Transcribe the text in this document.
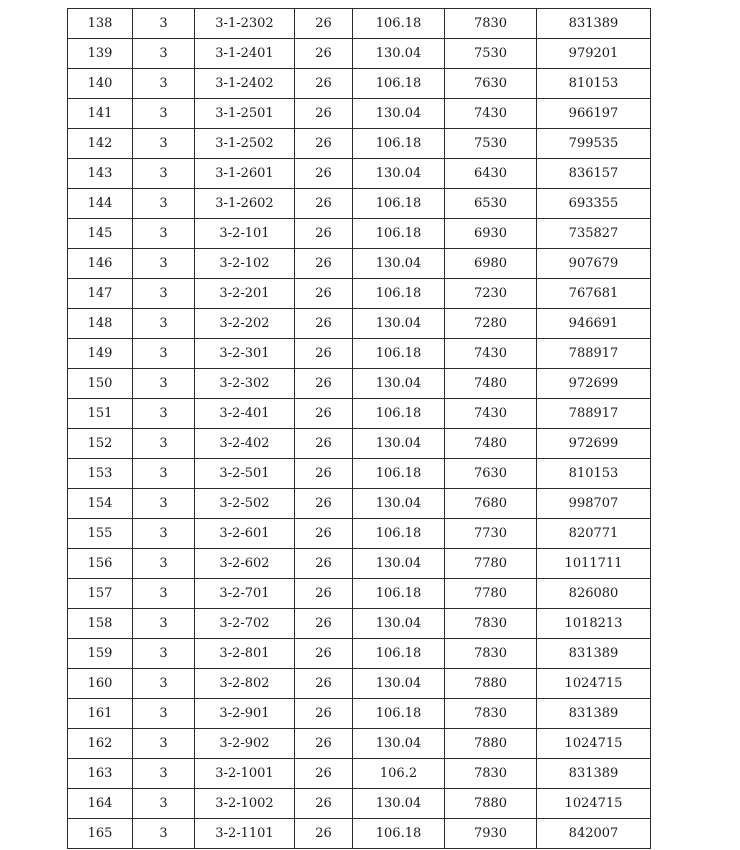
138	3	3-1-2302	26	106.18	7830	831389
139	3	3-1-2401	26	130.04	7530	979201
140	3	3-1-2402	26	106.18	7630	810153
141	3	3-1-2501	26	130.04	7430	966197
142	3	3-1-2502	26	106.18	7530	799535
143	3	3-1-2601	26	130.04	6430	836157
144	3	3-1-2602	26	106.18	6530	693355
145	3	3-2-101	26	106.18	6930	735827
146	3	3-2-102	26	130.04	6980	907679
147	3	3-2-201	26	106.18	7230	767681
148	3	3-2-202	26	130.04	7280	946691
149	3	3-2-301	26	106.18	7430	788917
150	3	3-2-302	26	130.04	7480	972699
151	3	3-2-401	26	106.18	7430	788917
152	3	3-2-402	26	130.04	7480	972699
153	3	3-2-501	26	106.18	7630	810153
154	3	3-2-502	26	130.04	7680	998707
155	3	3-2-601	26	106.18	7730	820771
156	3	3-2-602	26	130.04	7780	1011711
157	3	3-2-701	26	106.18	7780	826080
158	3	3-2-702	26	130.04	7830	1018213
159	3	3-2-801	26	106.18	7830	831389
160	3	3-2-802	26	130.04	7880	1024715
161	3	3-2-901	26	106.18	7830	831389
162	3	3-2-902	26	130.04	7880	1024715
163	3	3-2-1001	26	106.2	7830	831389
164	3	3-2-1002	26	130.04	7880	1024715
165	3	3-2-1101	26	106.18	7930	842007
